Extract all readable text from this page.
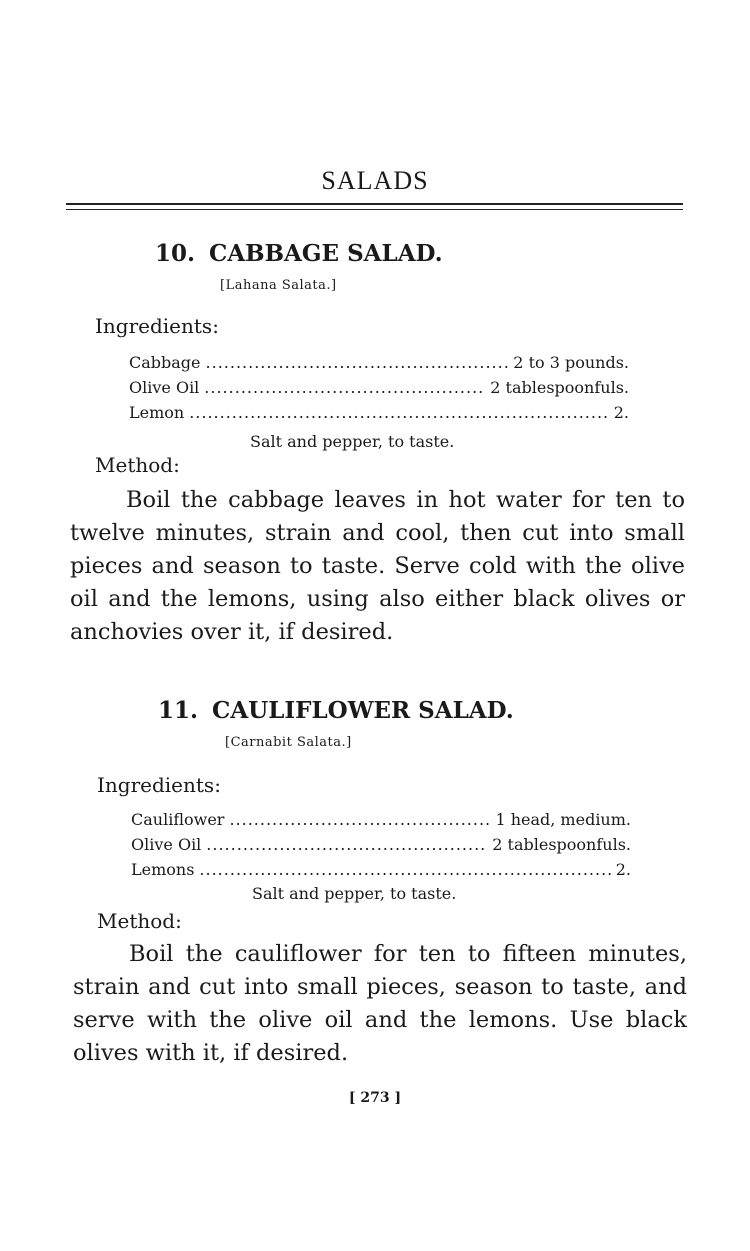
SALADS
10. CABBAGE SALAD.
[Lahana Salata.]
Ingredients:
Cabbage .....	2 to 3 pounds.
Olive Oil .....	2 tablespoonfuls.
Lemon .....	2.
Salt and pepper, to taste.
Method:
Boil the cabbage leaves in hot water for ten to twelve minutes, strain and cool, then cut into small pieces and season to taste. Serve cold with the olive oil and the lemons, using also either black olives or anchovies over it, if desired.
11. CAULIFLOWER SALAD.
[Carnabit Salata.]
Ingredients:
Cauliflower .....	1 head, medium.
Olive Oil .....	2 tablespoonfuls.
Lemons .....	2.
Salt and pepper, to taste.
Method:
Boil the cauliflower for ten to fifteen minutes, strain and cut into small pieces, season to taste, and serve with the olive oil and the lemons. Use black olives with it, if desired.
[ 273 ]
